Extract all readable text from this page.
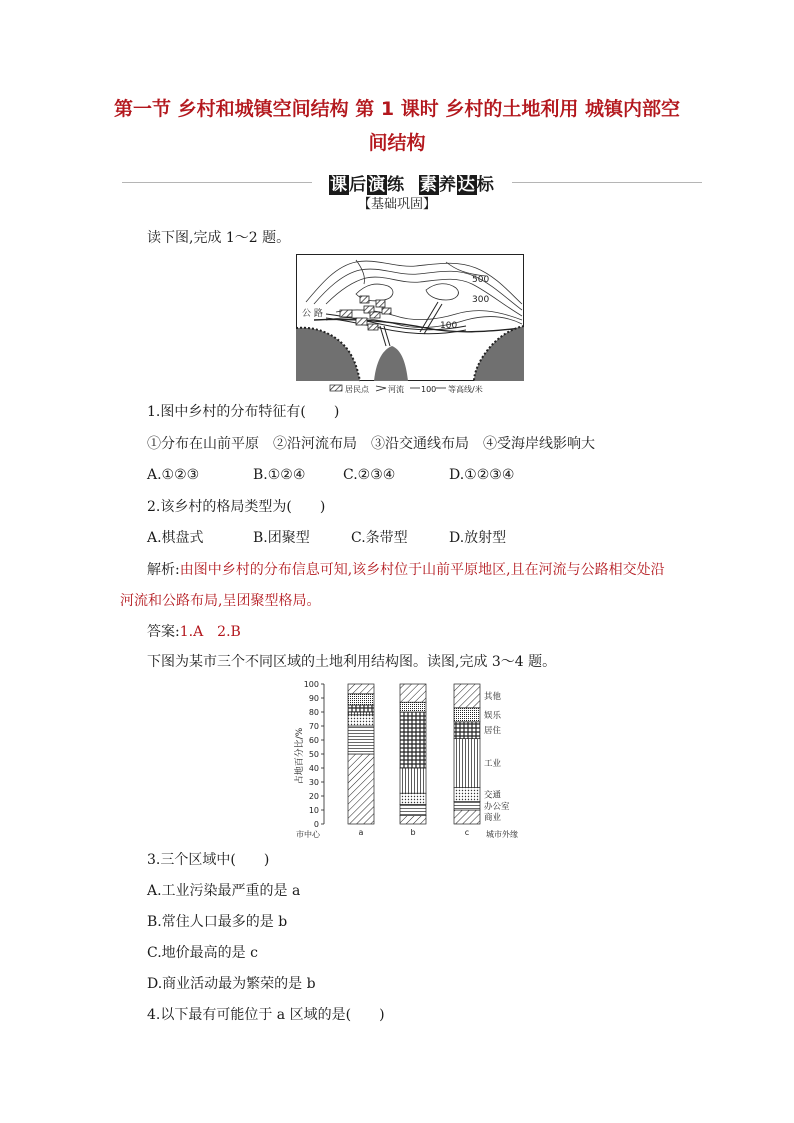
第一节 乡村和城镇空间结构 第 1 课时 乡村的土地利用 城镇内部空
间结构
课后演练 素养达标
【基础巩固】
读下图,完成 1～2 题。
公 路
500
300
100
居民点 河流 100 等高线/米
1.图中乡村的分布特征有(　　)
①分布在山前平原　②沿河流布局　③沿交通线布局　④受海岸线影响大
A.①②③	B.①②④	C.②③④	D.①②③④
2.该乡村的格局类型为(　　)
A.棋盘式	B.团聚型	C.条带型	D.放射型
解析:由图中乡村的分布信息可知,该乡村位于山前平原地区,且在河流与公路相交处沿
河流和公路布局,呈团聚型格局。
答案:1.A　2.B
下图为某市三个不同区域的土地利用结构图。读图,完成 3～4 题。
占地百分比/%
0
10
20
30
40
50
60
70
80
90
100
a	b	c
商业
办公室
交通
工业
居住
娱乐
其他
市中心	城市外缘
3.三个区域中(　　)
A.工业污染最严重的是 a
B.常住人口最多的是 b
C.地价最高的是 c
D.商业活动最为繁荣的是 b
4.以下最有可能位于 a 区域的是(　　)
